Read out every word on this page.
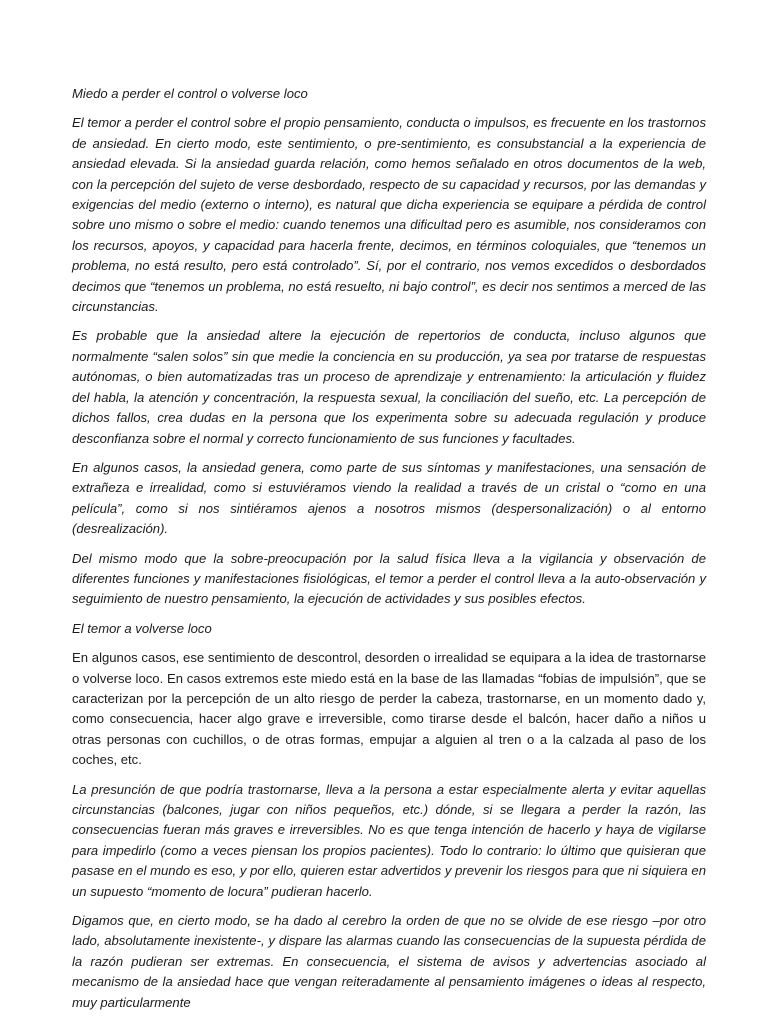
Miedo a perder el control o volverse loco

El temor a perder el control sobre el propio pensamiento, conducta o impulsos, es frecuente en los trastornos de ansiedad. En cierto modo, este sentimiento, o pre-sentimiento, es consubstancial a la experiencia de ansiedad elevada. Si la ansiedad guarda relación, como hemos señalado en otros documentos de la web, con la percepción del sujeto de verse desbordado, respecto de su capacidad y recursos, por las demandas y exigencias del medio (externo o interno), es natural que dicha experiencia se equipare a pérdida de control sobre uno mismo o sobre el medio: cuando tenemos una dificultad pero es asumible, nos consideramos con los recursos, apoyos, y capacidad para hacerla frente, decimos, en términos coloquiales, que “tenemos un problema, no está resulto, pero está controlado”. Sí, por el contrario, nos vemos excedidos o desbordados decimos que “tenemos un problema, no está resuelto, ni bajo control”, es decir nos sentimos a merced de las circunstancias.

Es probable que la ansiedad altere la ejecución de repertorios de conducta, incluso algunos que normalmente “salen solos” sin que medie la conciencia en su producción, ya sea por tratarse de respuestas autónomas, o bien automatizadas tras un proceso de aprendizaje y entrenamiento: la articulación y fluidez del habla, la atención y concentración, la respuesta sexual, la conciliación del sueño, etc. La percepción de dichos fallos, crea dudas en la persona que los experimenta sobre su adecuada regulación y produce desconfianza sobre el normal y correcto funcionamiento de sus funciones y facultades.

En algunos casos, la ansiedad genera, como parte de sus síntomas y manifestaciones, una sensación de extrañeza e irrealidad, como si estuviéramos viendo la realidad a través de un cristal o “como en una película”, como si nos sintiéramos ajenos a nosotros mismos (despersonalización) o al entorno (desrealización).

Del mismo modo que la sobre-preocupación por la salud física lleva a la vigilancia y observación de diferentes funciones y manifestaciones fisiológicas, el temor a perder el control lleva a la auto-observación y seguimiento de nuestro pensamiento, la ejecución de actividades y sus posibles efectos.

El temor a volverse loco

En algunos casos, ese sentimiento de descontrol, desorden o irrealidad se equipara a la idea de trastornarse o volverse loco. En casos extremos este miedo está en la base de las llamadas “fobias de impulsión”, que se caracterizan por la percepción de un alto riesgo de perder la cabeza, trastornarse, en un momento dado y, como consecuencia, hacer algo grave e irreversible, como tirarse desde el balcón, hacer daño a niños u otras personas con cuchillos, o de otras formas, empujar a alguien al tren o a la calzada al paso de los coches, etc.

La presunción de que podría trastornarse, lleva a la persona a estar especialmente alerta y evitar aquellas circunstancias (balcones, jugar con niños pequeños, etc.) dónde, si se llegara a perder la razón, las consecuencias fueran más graves e irreversibles. No es que tenga intención de hacerlo y haya de vigilarse para impedirlo (como a veces piensan los propios pacientes). Todo lo contrario: lo último que quisieran que pasase en el mundo es eso, y por ello, quieren estar advertidos y prevenir los riesgos para que ni siquiera en un supuesto “momento de locura” pudieran hacerlo.

Digamos que, en cierto modo, se ha dado al cerebro la orden de que no se olvide de ese riesgo –por otro lado, absolutamente inexistente-, y dispare las alarmas cuando las consecuencias de la supuesta pérdida de la razón pudieran ser extremas. En consecuencia, el sistema de avisos y advertencias asociado al mecanismo de la ansiedad hace que vengan reiteradamente al pensamiento imágenes o ideas al respecto, muy particularmente
